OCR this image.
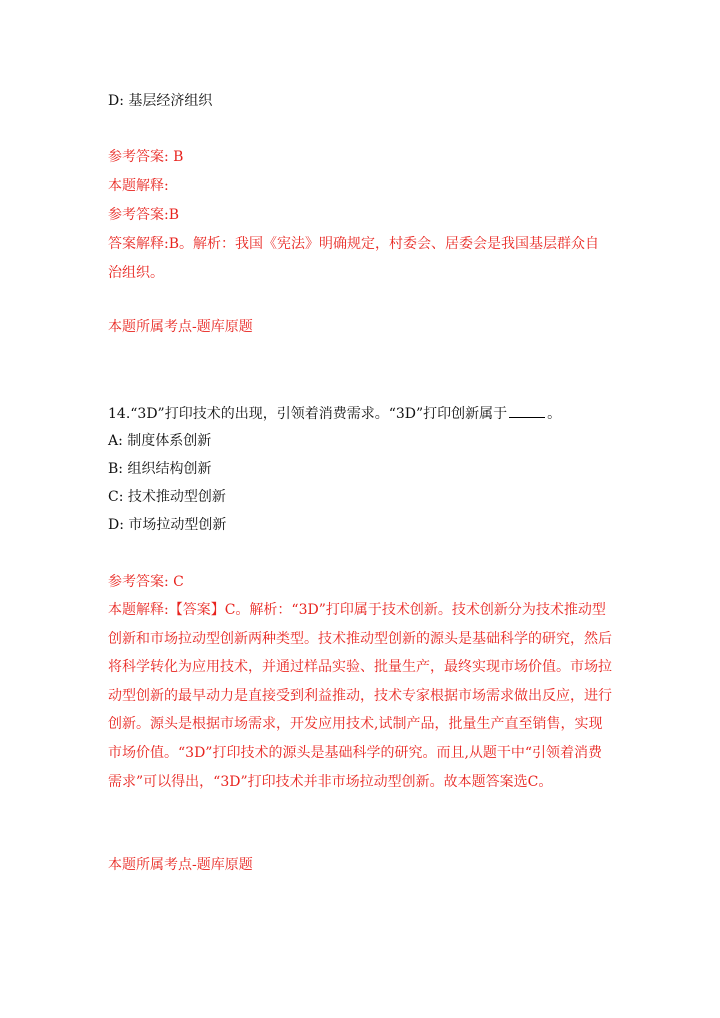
D: 基层经济组织
参考答案: B
本题解释:
参考答案:B
答案解释:B。解析：我国《宪法》明确规定，村委会、居委会是我国基层群众自治组织。
本题所属考点-题库原题
14.“3D”打印技术的出现，引领着消费需求。“3D”打印创新属于	。
A: 制度体系创新
B: 组织结构创新
C: 技术推动型创新
D: 市场拉动型创新
参考答案: C
本题解释:【答案】C。解析：“3D”打印属于技术创新。技术创新分为技术推动型创新和市场拉动型创新两种类型。技术推动型创新的源头是基础科学的研究，然后将科学转化为应用技术，并通过样品实验、批量生产，最终实现市场价值。市场拉动型创新的最早动力是直接受到利益推动，技术专家根据市场需求做出反应，进行创新。源头是根据市场需求，开发应用技术,试制产品，批量生产直至销售，实现市场价值。“3D”打印技术的源头是基础科学的研究。而且,从题干中“引领着消费需求”可以得出，“3D”打印技术并非市场拉动型创新。故本题答案选C。
本题所属考点-题库原题
